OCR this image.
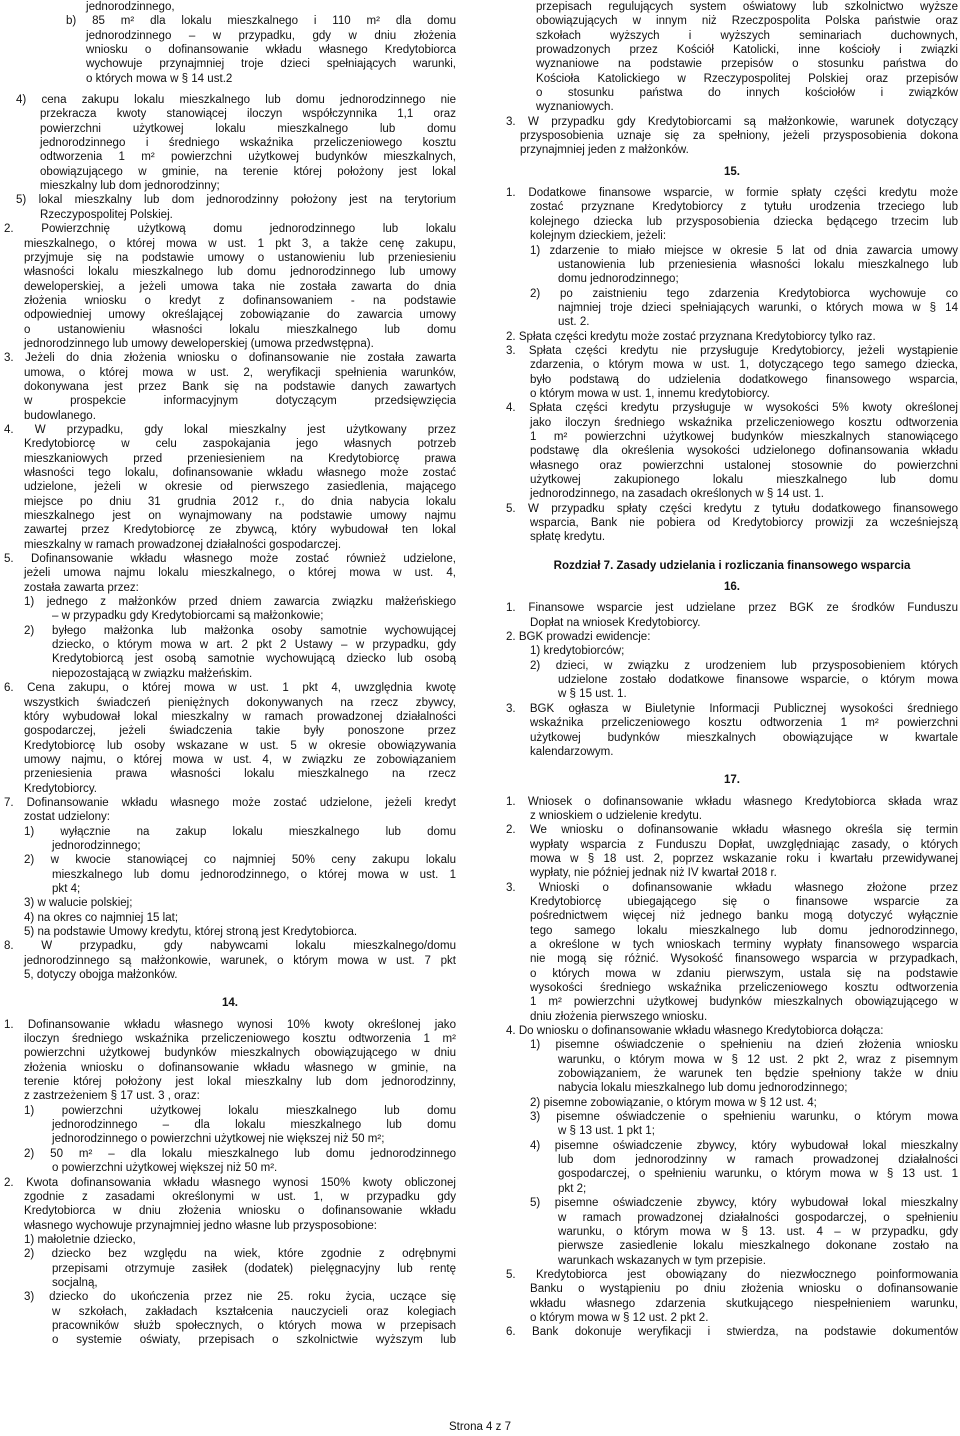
jednorodzinnego,
b) 85 m² dla lokalu mieszkalnego i 110 m² dla domu
jednorodzinnego – w przypadku, gdy w dniu złożenia
wniosku o dofinansowanie wkładu własnego Kredytobiorca
wychowuje przynajmniej troje dzieci spełniających warunki,
o których mowa w § 14 ust.2
4) cena zakupu lokalu mieszkalnego lub domu jednorodzinnego nie
przekracza kwoty stanowiącej iloczyn współczynnika 1,1 oraz
powierzchni użytkowej lokalu mieszkalnego lub domu
jednorodzinnego i średniego wskaźnika przeliczeniowego kosztu
odtworzenia 1 m² powierzchni użytkowej budynków mieszkalnych,
obowiązującego w gminie, na terenie której położony jest lokal
mieszkalny lub dom jednorodzinny;
5) lokal mieszkalny lub dom jednorodzinny położony jest na terytorium
Rzeczypospolitej Polskiej.
2. Powierzchnię użytkową domu jednorodzinnego lub lokalu
mieszkalnego, o której mowa w ust. 1 pkt 3, a także cenę zakupu,
przyjmuje się na podstawie umowy o ustanowieniu lub przeniesieniu
własności lokalu mieszkalnego lub domu jednorodzinnego lub umowy
deweloperskiej, a jeżeli umowa taka nie została zawarta do dnia
złożenia wniosku o kredyt z dofinansowaniem - na podstawie
odpowiedniej umowy określającej zobowiązanie do zawarcia umowy
o ustanowieniu własności lokalu mieszkalnego lub domu
jednorodzinnego lub umowy deweloperskiej (umowa przedwstępna).
3. Jeżeli do dnia złożenia wniosku o dofinansowanie nie została zawarta
umowa, o której mowa w ust. 2, weryfikacji spełnienia warunków,
dokonywana jest przez Bank się na podstawie danych zawartych
w prospekcie informacyjnym dotyczącym przedsięwzięcia
budowlanego.
4. W przypadku, gdy lokal mieszkalny jest użytkowany przez
Kredytobiorcę w celu zaspokajania jego własnych potrzeb
mieszkaniowych przed przeniesieniem na Kredytobiorcę prawa
własności tego lokalu, dofinansowanie wkładu własnego może zostać
udzielone, jeżeli w okresie od pierwszego zasiedlenia, mającego
miejsce po dniu 31 grudnia 2012 r., do dnia nabycia lokalu
mieszkalnego jest on wynajmowany na podstawie umowy najmu
zawartej przez Kredytobiorcę ze zbywcą, który wybudował ten lokal
mieszkalny w ramach prowadzonej działalności gospodarczej.
5. Dofinansowanie wkładu własnego może zostać również udzielone,
jeżeli umowa najmu lokalu mieszkalnego, o której mowa w ust. 4,
została zawarta przez:
1) jednego z małżonków przed dniem zawarcia związku małżeńskiego
– w przypadku gdy Kredytobiorcami są małżonkowie;
2) byłego małżonka lub małżonka osoby samotnie wychowującej
dziecko, o którym mowa w art. 2 pkt 2 Ustawy – w przypadku, gdy
Kredytobiorcą jest osobą samotnie wychowującą dziecko lub osobą
niepozostającą w związku małżeńskim.
6. Cena zakupu, o której mowa w ust. 1 pkt 4, uwzględnia kwotę
wszystkich świadczeń pieniężnych dokonywanych na rzecz zbywcy,
który wybudował lokal mieszkalny w ramach prowadzonej działalności
gospodarczej, jeżeli świadczenia takie były ponoszone przez
Kredytobiorcę lub osoby wskazane w ust. 5 w okresie obowiązywania
umowy najmu, o której mowa w ust. 4, w związku ze zobowiązaniem
przeniesienia prawa własności lokalu mieszkalnego na rzecz
Kredytobiorcy.
7. Dofinansowanie wkładu własnego może zostać udzielone, jeżeli kredyt
zostat udzielony:
1) wyłącznie na zakup lokalu mieszkalnego lub domu
jednorodzinnego;
2) w kwocie stanowiącej co najmniej 50% ceny zakupu lokalu
mieszkalnego lub domu jednorodzinnego, o której mowa w ust. 1
pkt 4;
3) w walucie polskiej;
4) na okres co najmniej 15 lat;
5) na podstawie Umowy kredytu, której stroną jest Kredytobiorca.
8. W przypadku, gdy nabywcami lokalu mieszkalnego/domu
jednorodzinnego są małżonkowie, warunek, o którym mowa w ust. 7 pkt
5, dotyczy obojga małżonków.
14.
1. Dofinansowanie wkładu własnego wynosi 10% kwoty określonej jako
iloczyn średniego wskaźnika przeliczeniowego kosztu odtworzenia 1 m²
powierzchni użytkowej budynków mieszkalnych obowiązującego w dniu
złożenia wniosku o dofinansowanie wkładu własnego w gminie, na
terenie której położony jest lokal mieszkalny lub dom jednorodzinny,
z zastrzeżeniem § 17 ust. 3 , oraz:
1) powierzchni użytkowej lokalu mieszkalnego lub domu
jednorodzinnego – dla lokalu mieszkalnego lub domu
jednorodzinnego o powierzchni użytkowej nie większej niż 50 m²;
2) 50 m² – dla lokalu mieszkalnego lub domu jednorodzinnego
o powierzchni użytkowej większej niż 50 m².
2. Kwota dofinansowania wkładu własnego wynosi 150% kwoty obliczonej
zgodnie z zasadami określonymi w ust. 1, w przypadku gdy
Kredytobiorca w dniu złożenia wniosku o dofinansowanie wkładu
własnego wychowuje przynajmniej jedno własne lub przysposobione:
1) małoletnie dziecko,
2) dziecko bez względu na wiek, które zgodnie z odrębnymi
przepisami otrzymuje zasiłek (dodatek) pielęgnacyjny lub rentę
socjalną,
3) dziecko do ukończenia przez nie 25. roku życia, uczące się
w szkołach, zakładach kształcenia nauczycieli oraz kolegiach
pracowników służb społecznych, o których mowa w przepisach
o systemie oświaty, przepisach o szkolnictwie wyższym lub
przepisach regulujących system oświatowy lub szkolnictwo wyższe
obowiązujących w innym niż Rzeczpospolita Polska państwie oraz
szkołach wyższych i wyższych seminariach duchownych,
prowadzonych przez Kościół Katolicki, inne kościoły i związki
wyznaniowe na podstawie przepisów o stosunku państwa do
Kościoła Katolickiego w Rzeczypospolitej Polskiej oraz przepisów
o stosunku państwa do innych kościołów i związków
wyznaniowych.
3. W przypadku gdy Kredytobiorcami są małżonkowie, warunek dotyczący
przysposobienia uznaje się za spełniony, jeżeli przysposobienia dokona
przynajmniej jeden z małżonków.
15.
1. Dodatkowe finansowe wsparcie, w formie spłaty części kredytu może
zostać przyznane Kredytobiorcy z tytułu urodzenia trzeciego lub
kolejnego dziecka lub przysposobienia dziecka będącego trzecim lub
kolejnym dzieckiem, jeżeli:
1) zdarzenie to miało miejsce w okresie 5 lat od dnia zawarcia umowy
ustanowienia lub przeniesienia własności lokalu mieszkalnego lub
domu jednorodzinnego;
2) po zaistnieniu tego zdarzenia Kredytobiorca wychowuje co
najmniej troje dzieci spełniających warunki, o których mowa w § 14
ust. 2.
2. Spłata części kredytu może zostać przyznana Kredytobiorcy tylko raz.
3. Spłata części kredytu nie przysługuje Kredytobiorcy, jeżeli wystąpienie
zdarzenia, o którym mowa w ust. 1, dotyczącego tego samego dziecka,
było podstawą do udzielenia dodatkowego finansowego wsparcia,
o którym mowa w ust. 1, innemu kredytobiorcy.
4. Spłata części kredytu przysługuje w wysokości 5% kwoty określonej
jako iloczyn średniego wskaźnika przeliczeniowego kosztu odtworzenia
1 m² powierzchni użytkowej budynków mieszkalnych stanowiącego
podstawę dla określenia wysokości udzielonego dofinansowania wkładu
własnego oraz powierzchni ustalonej stosownie do powierzchni
użytkowej zakupionego lokalu mieszkalnego lub domu
jednorodzinnego, na zasadach określonych w § 14 ust. 1.
5. W przypadku spłaty części kredytu z tytułu dodatkowego finansowego
wsparcia, Bank nie pobiera od Kredytobiorcy prowizji za wcześniejszą
spłatę kredytu.
Rozdział 7. Zasady udzielania i rozliczania finansowego wsparcia
16.
1. Finansowe wsparcie jest udzielane przez BGK ze środków Funduszu
Dopłat na wniosek Kredytobiorcy.
2. BGK prowadzi ewidencje:
1) kredytobiorców;
2) dzieci, w związku z urodzeniem lub przysposobieniem których
udzielone zostało dodatkowe finansowe wsparcie, o którym mowa
w § 15 ust. 1.
3. BGK ogłasza w Biuletynie Informacji Publicznej wysokości średniego
wskaźnika przeliczeniowego kosztu odtworzenia 1 m² powierzchni
użytkowej budynków mieszkalnych obowiązujące w kwartale
kalendarzowym.
17.
1. Wniosek o dofinansowanie wkładu własnego Kredytobiorca składa wraz
z wnioskiem o udzielenie kredytu.
2. We wniosku o dofinansowanie wkładu własnego określa się termin
wypłaty wsparcia z Funduszu Dopłat, uwzględniając zasady, o których
mowa w § 18 ust. 2, poprzez wskazanie roku i kwartału przewidywanej
wypłaty, nie później jednak niż IV kwartał 2018 r.
3. Wnioski o dofinansowanie wkładu własnego złożone przez
Kredytobiorcę ubiegającego się o finansowe wsparcie za
pośrednictwem więcej niż jednego banku mogą dotyczyć wyłącznie
tego samego lokalu mieszkalnego lub domu jednorodzinnego,
a określone w tych wnioskach terminy wypłaty finansowego wsparcia
nie mogą się różnić. Wysokość finansowego wsparcia w przypadkach,
o których mowa w zdaniu pierwszym, ustala się na podstawie
wysokości średniego wskaźnika przeliczeniowego kosztu odtworzenia
1 m² powierzchni użytkowej budynków mieszkalnych obowiązującego w
dniu złożenia pierwszego wniosku.
4. Do wniosku o dofinansowanie wkładu własnego Kredytobiorca dołącza:
1) pisemne oświadczenie o spełnieniu na dzień złożenia wniosku
warunku, o którym mowa w § 12 ust. 2 pkt 2, wraz z pisemnym
zobowiązaniem, że warunek ten będzie spełniony także w dniu
nabycia lokalu mieszkalnego lub domu jednorodzinnego;
2) pisemne zobowiązanie, o którym mowa w § 12 ust. 4;
3) pisemne oświadczenie o spełnieniu warunku, o którym mowa
w § 13 ust. 1 pkt 1;
4) pisemne oświadczenie zbywcy, który wybudował lokal mieszkalny
lub dom jednorodzinny w ramach prowadzonej działalności
gospodarczej, o spełnieniu warunku, o którym mowa w § 13 ust. 1
pkt 2;
5) pisemne oświadczenie zbywcy, który wybudował lokal mieszkalny
w ramach prowadzonej działalności gospodarczej, o spełnieniu
warunku, o którym mowa w § 13. ust. 4 – w przypadku, gdy
pierwsze zasiedlenie lokalu mieszkalnego dokonane zostało na
warunkach wskazanych w tym przepisie.
5. Kredytobiorca jest obowiązany do niezwłocznego poinformowania
Banku o wystąpieniu po dniu złożenia wniosku o dofinansowanie
wkładu własnego zdarzenia skutkującego niespełnieniem warunku,
o którym mowa w § 12 ust. 2 pkt 2.
6. Bank dokonuje weryfikacji i stwierdza, na podstawie dokumentów
Strona 4 z 7
